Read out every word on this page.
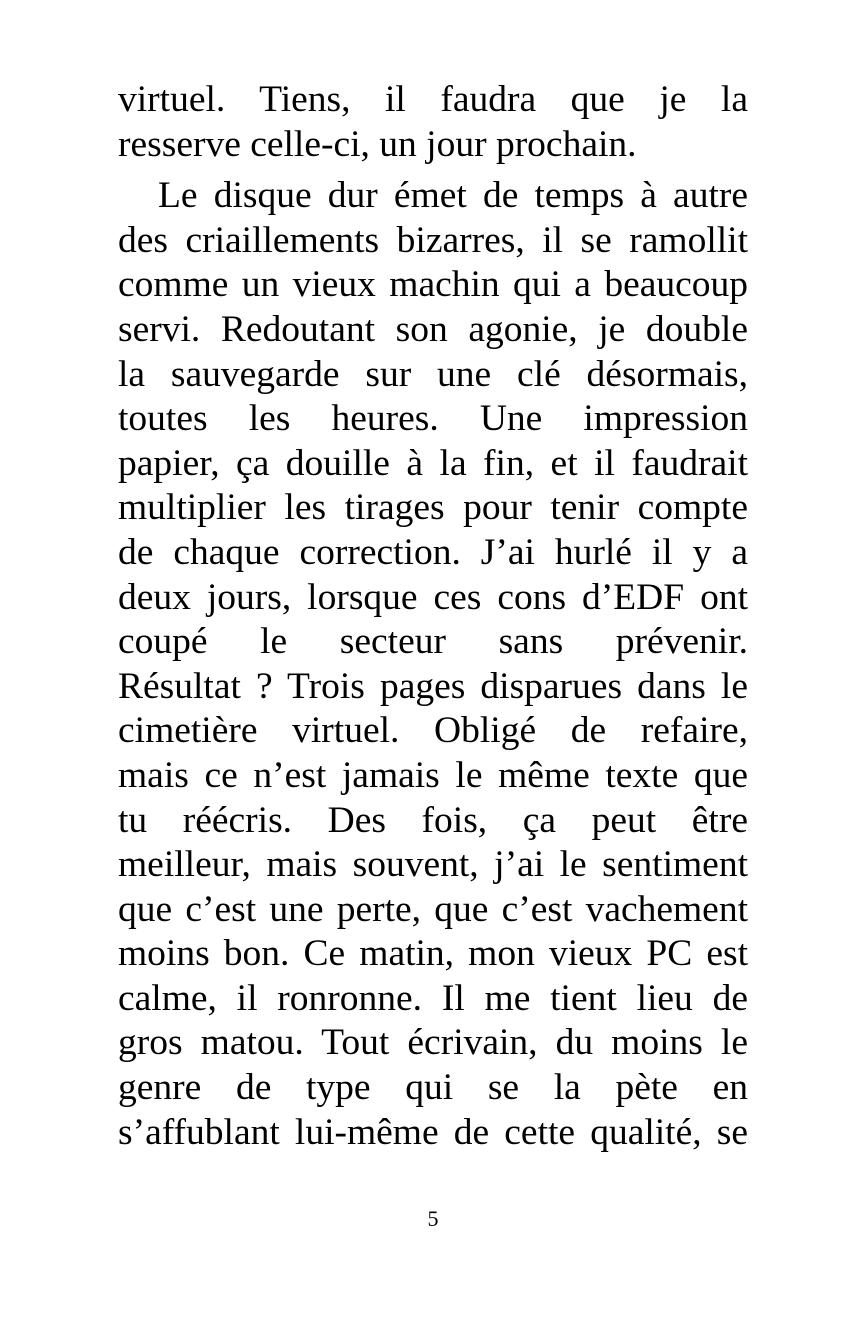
virtuel. Tiens, il faudra que je la
resserve celle-ci, un jour prochain.
Le disque dur émet de temps à autre
des criaillements bizarres, il se ramollit
comme un vieux machin qui a beaucoup
servi. Redoutant son agonie, je double
la sauvegarde sur une clé désormais,
toutes les heures. Une impression
papier, ça douille à la fin, et il faudrait
multiplier les tirages pour tenir compte
de chaque correction. J’ai hurlé il y a
deux jours, lorsque ces cons d’EDF ont
coupé le secteur sans prévenir.
Résultat ? Trois pages disparues dans le
cimetière virtuel. Obligé de refaire,
mais ce n’est jamais le même texte que
tu réécris. Des fois, ça peut être
meilleur, mais souvent, j’ai le sentiment
que c’est une perte, que c’est vachement
moins bon. Ce matin, mon vieux PC est
calme, il ronronne. Il me tient lieu de
gros matou. Tout écrivain, du moins le
genre de type qui se la pète en
s’affublant lui-même de cette qualité, se
5
